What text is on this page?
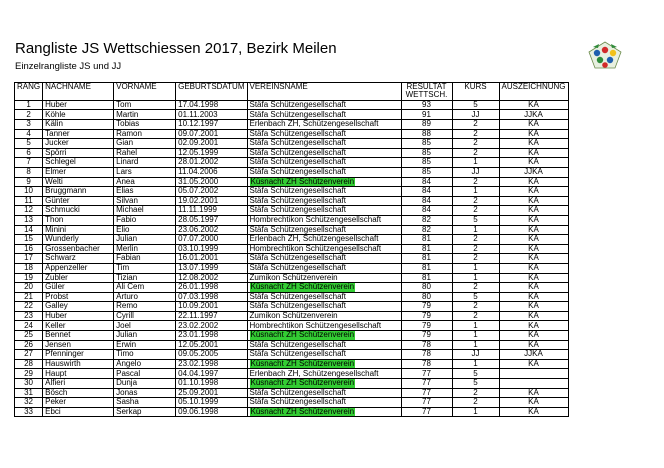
Rangliste JS Wettschiessen 2017, Bezirk Meilen
Einzelrangliste JS und JJ
RANG	NACHNAME	VORNAME	GEBURTSDATUM	VEREINSNAME	RESULTAT WETTSCH.	KURS	AUSZEICHNUNG
1	Huber	Tom	17.04.1998	Stäfa Schützengesellschaft	93	5	KA
2	Köhle	Martin	01.11.2003	Stäfa Schützengesellschaft	91	JJ	JJKA
3	Kälin	Tobias	10.12.1997	Erlenbach ZH, Schützengesellschaft	89	2	KA
4	Tanner	Ramon	09.07.2001	Stäfa Schützengesellschaft	88	2	KA
5	Jucker	Gian	02.09.2001	Stäfa Schützengesellschaft	85	2	KA
6	Spörri	Rahel	12.05.1999	Stäfa Schützengesellschaft	85	2	KA
7	Schlegel	Linard	28.01.2002	Stäfa Schützengesellschaft	85	1	KA
8	Elmer	Lars	11.04.2006	Stäfa Schützengesellschaft	85	JJ	JJKA
9	Welti	Anea	31.05.2000	Küsnacht ZH Schützenverein	84	2	KA
10	Bruggmann	Elias	05.07.2002	Stäfa Schützengesellschaft	84	1	KA
11	Günter	Silvan	19.02.2001	Stäfa Schützengesellschaft	84	2	KA
12	Schmucki	Michael	11.11.1999	Stäfa Schützengesellschaft	84	2	KA
13	Thon	Fabio	28.05.1997	Hombrechtikon Schützengesellschaft	82	5	KA
14	Minini	Elio	23.06.2002	Stäfa Schützengesellschaft	82	1	KA
15	Wunderly	Julian	07.07.2000	Erlenbach ZH, Schützengesellschaft	81	2	KA
16	Grossenbacher	Merlin	03.10.1999	Hombrechtikon Schützengesellschaft	81	2	KA
17	Schwarz	Fabian	16.01.2001	Stäfa Schützengesellschaft	81	2	KA
18	Appenzeller	Tim	13.07.1999	Stäfa Schützengesellschaft	81	1	KA
19	Zubler	Tizian	12.08.2002	Zumikon Schützenverein	81	1	KA
20	Güler	Ali Cem	26.01.1998	Küsnacht ZH Schützenverein	80	2	KA
21	Probst	Arturo	07.03.1998	Stäfa Schützengesellschaft	80	5	KA
22	Galley	Remo	10.09.2001	Stäfa Schützengesellschaft	79	2	KA
23	Huber	Cyrill	22.11.1997	Zumikon Schützenverein	79	2	KA
24	Keller	Joel	23.02.2002	Hombrechtikon Schützengesellschaft	79	1	KA
25	Bennet	Julian	23.01.1998	Küsnacht ZH Schützenverein	79	1	KA
26	Jensen	Erwin	12.05.2001	Stäfa Schützengesellschaft	78	1	KA
27	Pfenninger	Timo	09.05.2005	Stäfa Schützengesellschaft	78	JJ	JJKA
28	Hauswirth	Angelo	23.02.1998	Küsnacht ZH Schützenverein	78	1	KA
29	Haupt	Pascal	04.04.1997	Erlenbach ZH, Schützengesellschaft	77	5	
30	Alfieri	Dunja	01.10.1998	Küsnacht ZH Schützenverein	77	5	
31	Bösch	Jonas	25.09.2001	Stäfa Schützengesellschaft	77	2	KA
32	Peker	Sasha	05.10.1999	Stäfa Schützengesellschaft	77	2	KA
33	Ebci	Serkap	09.06.1998	Küsnacht ZH Schützenverein	77	1	KA
